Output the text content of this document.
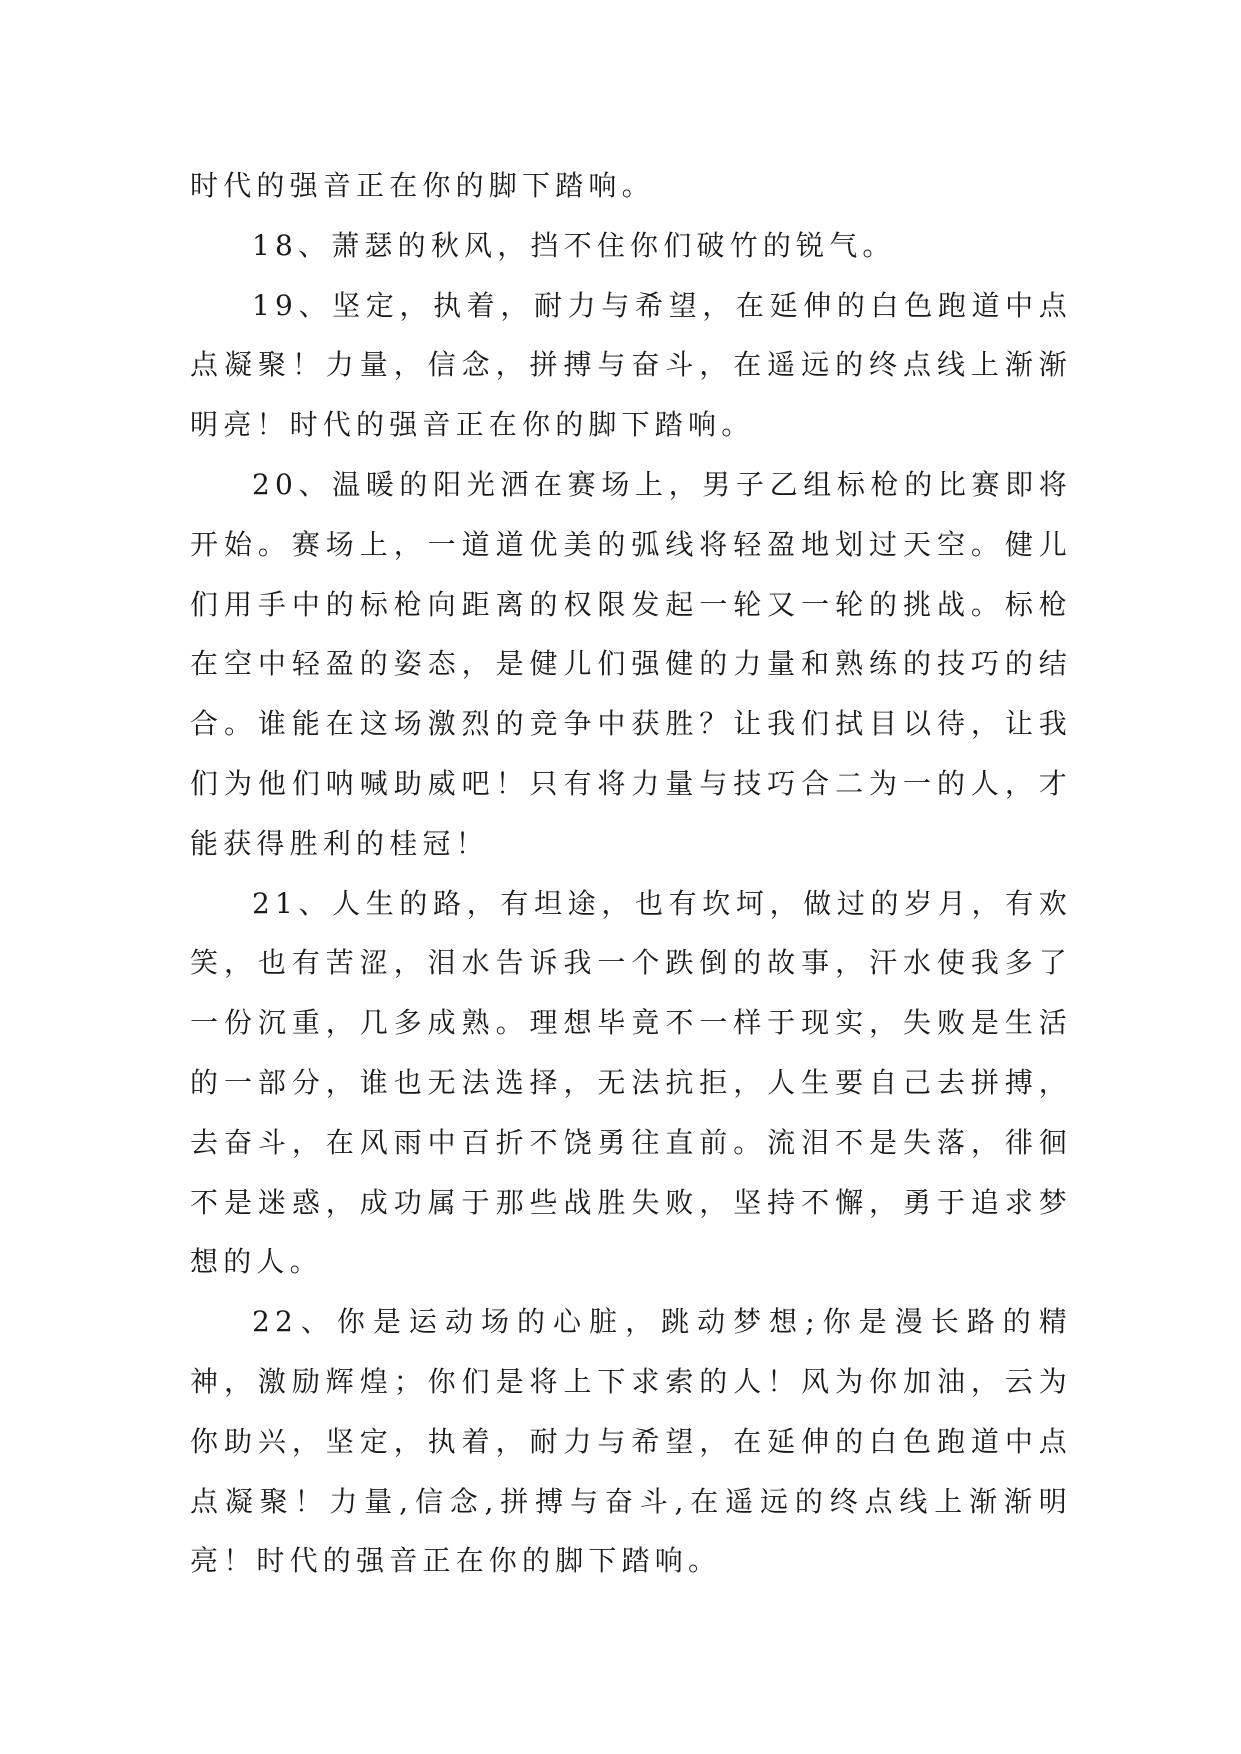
时代的强音正在你的脚下踏响。

18、萧瑟的秋风，挡不住你们破竹的锐气。

19、坚定，执着，耐力与希望，在延伸的白色跑道中点点凝聚！力量，信念，拼搏与奋斗，在遥远的终点线上渐渐明亮！时代的强音正在你的脚下踏响。

20、温暖的阳光洒在赛场上，男子乙组标枪的比赛即将开始。赛场上，一道道优美的弧线将轻盈地划过天空。健儿们用手中的标枪向距离的权限发起一轮又一轮的挑战。标枪在空中轻盈的姿态，是健儿们强健的力量和熟练的技巧的结合。谁能在这场激烈的竞争中获胜？让我们拭目以待，让我们为他们呐喊助威吧！只有将力量与技巧合二为一的人，才能获得胜利的桂冠！

21、人生的路，有坦途，也有坎坷，做过的岁月，有欢笑，也有苦涩，泪水告诉我一个跌倒的故事，汗水使我多了一份沉重，几多成熟。理想毕竟不一样于现实，失败是生活的一部分，谁也无法选择，无法抗拒，人生要自己去拼搏，去奋斗，在风雨中百折不饶勇往直前。流泪不是失落，徘徊不是迷惑，成功属于那些战胜失败，坚持不懈，勇于追求梦想的人。

22、你是运动场的心脏，跳动梦想;你是漫长路的精神，激励辉煌；你们是将上下求索的人！风为你加油，云为你助兴，坚定，执着，耐力与希望，在延伸的白色跑道中点点凝聚！力量,信念,拼搏与奋斗,在遥远的终点线上渐渐明亮！时代的强音正在你的脚下踏响。
